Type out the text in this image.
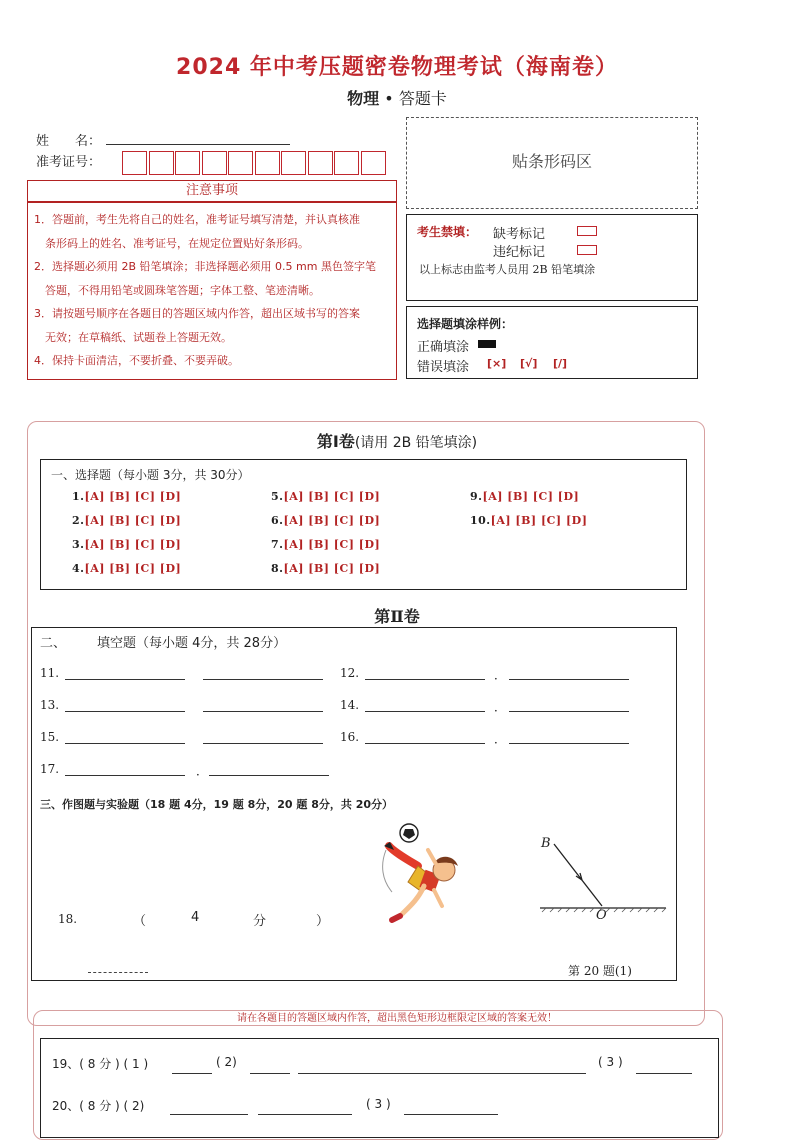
2024 年中考压题密卷物理考试（海南卷）
物理 • 答题卡
姓　　名：
准考证号：
注意事项

1．答题前，考生先将自己的姓名，准考证号填写清楚，并认真核准

　条形码上的姓名、准考证号，在规定位置贴好条形码。

2．选择题必须用 2B 铅笔填涂；非选择题必须用 0.5 mm 黑色签字笔

　答题，不得用铅笔或圆珠笔答题；字体工整、笔迹清晰。

3．请按题号顺序在各题目的答题区域内作答，超出区域书写的答案

　无效；在草稿纸、试题卷上答题无效。

4．保持卡面清洁，不要折叠、不要弄破。

贴条形码区
考生禁填： 缺考标记
违纪标记
以上标志由监考人员用 2B 铅笔填涂
选择题填涂样例：
正确填涂
错误填涂 [×] [√] [/]
第Ⅰ卷(请用 2B 铅笔填涂)
一、选择题（每小题 3分，共 30分）
1.[A] [B] [C] [D]
2.[A] [B] [C] [D]
3.[A] [B] [C] [D]
4.[A] [B] [C] [D]
5.[A] [B] [C] [D]
6.[A] [B] [C] [D]
7.[A] [B] [C] [D]
8.[A] [B] [C] [D]
9.[A] [B] [C] [D]
10.[A] [B] [C] [D]
第Ⅱ卷
二、 填空题（每小题 4分，共 28分）
11.	12.	．
13.	14.	．
15.	16.	．
17.	．
三、作图题与实验题（18 题 4分，19 题 8分，20 题 8分，共 20分）
18.	（	4	分	）
B
O
第 20 题(1)
请在各题目的答题区域内作答，超出黑色矩形边框限定区域的答案无效！
19、( 8 分 ) ( 1 )	( 2)	( 3 )
20、( 8 分 ) ( 2)	( 3 )
